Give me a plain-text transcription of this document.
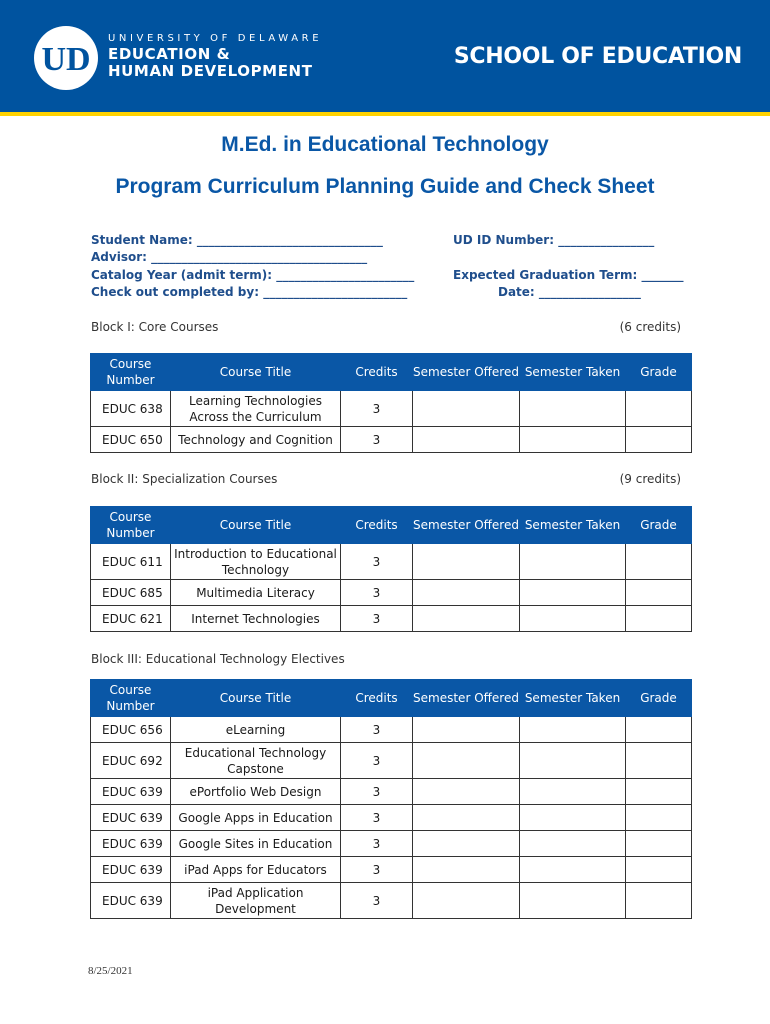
UD
UNIVERSITY OF DELAWARE
EDUCATION &
HUMAN DEVELOPMENT
SCHOOL OF EDUCATION
M.Ed. in Educational Technology
Program Curriculum Planning Guide and Check Sheet
Student Name: _______________________________	UD ID Number: ________________
Advisor: ____________________________________
Catalog Year (admit term): _______________________	Expected Graduation Term: _______
Check out completed by: ________________________	Date: _________________
Block I: Core Courses	(6 credits)
Course Number	Course Title	Credits	Semester Offered	Semester Taken	Grade
EDUC 638	Learning Technologies Across the Curriculum	3			
EDUC 650	Technology and Cognition	3			
Block II: Specialization Courses	(9 credits)
Course Number	Course Title	Credits	Semester Offered	Semester Taken	Grade
EDUC 611	Introduction to Educational Technology	3			
EDUC 685	Multimedia Literacy	3			
EDUC 621	Internet Technologies	3			
Block III: Educational Technology Electives
Course Number	Course Title	Credits	Semester Offered	Semester Taken	Grade
EDUC 656	eLearning	3			
EDUC 692	Educational Technology Capstone	3			
EDUC 639	ePortfolio Web Design	3			
EDUC 639	Google Apps in Education	3			
EDUC 639	Google Sites in Education	3			
EDUC 639	iPad Apps for Educators	3			
EDUC 639	iPad Application Development	3			
8/25/2021
